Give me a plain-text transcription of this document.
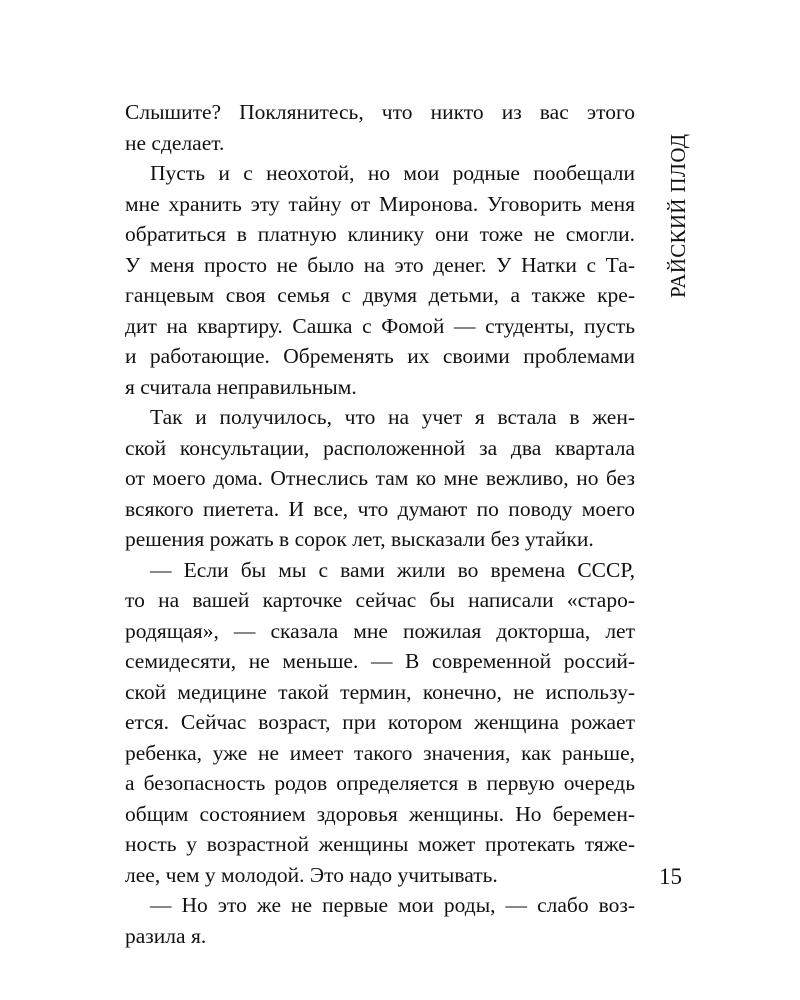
Слышите? Поклянитесь, что никто из вас этого
не сделает.
Пусть и с неохотой, но мои родные пообещали
мне хранить эту тайну от Миронова. Уговорить меня
обратиться в платную клинику они тоже не смогли.
У меня просто не было на это денег. У Натки с Та-
ганцевым своя семья с двумя детьми, а также кре-
дит на квартиру. Сашка с Фомой — студенты, пусть
и работающие. Обременять их своими проблемами
я считала неправильным.
Так и получилось, что на учет я встала в жен-
ской консультации, расположенной за два квартала
от моего дома. Отнеслись там ко мне вежливо, но без
всякого пиетета. И все, что думают по поводу моего
решения рожать в сорок лет, высказали без утайки.
— Если бы мы с вами жили во времена СССР,
то на вашей карточке сейчас бы написали «старо-
родящая», — сказала мне пожилая докторша, лет
семидесяти, не меньше. — В современной россий-
ской медицине такой термин, конечно, не использу-
ется. Сейчас возраст, при котором женщина рожает
ребенка, уже не имеет такого значения, как раньше,
а безопасность родов определяется в первую очередь
общим состоянием здоровья женщины. Но беремен-
ность у возрастной женщины может протекать тяже-
лее, чем у молодой. Это надо учитывать.
— Но это же не первые мои роды, — слабо воз-
разила я.
РАЙСКИЙ ПЛОД
15
